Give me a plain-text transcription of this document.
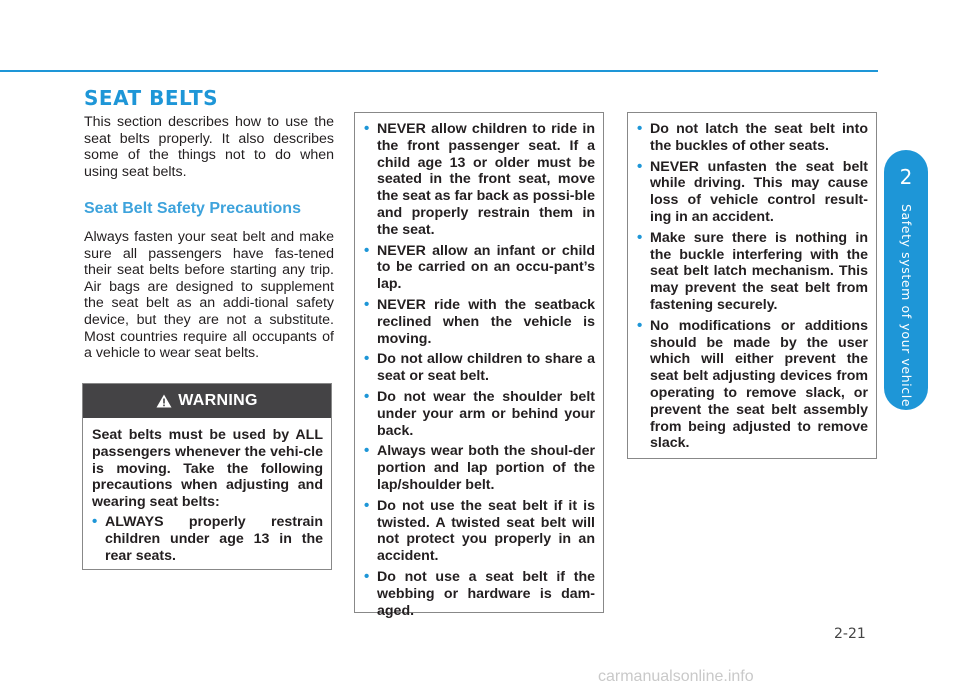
SEAT BELTS

This section describes how to use the seat belts properly. It also describes some of the things not to do when using seat belts.

Seat Belt Safety Precautions

Always fasten your seat belt and make sure all passengers have fas-tened their seat belts before starting any trip. Air bags are designed to supplement the seat belt as an addi-tional safety device, but they are not a substitute. Most countries require all occupants of a vehicle to wear seat belts.

WARNING

Seat belts must be used by ALL passengers whenever the vehi-cle is moving. Take the following precautions when adjusting and wearing seat belts:

• ALWAYS properly restrain children under age 13 in the rear seats.
• NEVER allow children to ride in the front passenger seat. If a child age 13 or older must be seated in the front seat, move the seat as far back as possi-ble and properly restrain them in the seat.
• NEVER allow an infant or child to be carried on an occu-pant’s lap.
• NEVER ride with the seatback reclined when the vehicle is moving.
• Do not allow children to share a seat or seat belt.
• Do not wear the shoulder belt under your arm or behind your back.
• Always wear both the shoul-der portion and lap portion of the lap/shoulder belt.
• Do not use the seat belt if it is twisted. A twisted seat belt will not protect you properly in an accident.
• Do not use a seat belt if the webbing or hardware is dam-aged.
• Do not latch the seat belt into the buckles of other seats.
• NEVER unfasten the seat belt while driving. This may cause loss of vehicle control result-ing in an accident.
• Make sure there is nothing in the buckle interfering with the seat belt latch mechanism. This may prevent the seat belt from fastening securely.
• No modifications or additions should be made by the user which will either prevent the seat belt adjusting devices from operating to remove slack, or prevent the seat belt assembly from being adjusted to remove slack.
2
Safety system of your vehicle
2-21
carmanualsonline.info
